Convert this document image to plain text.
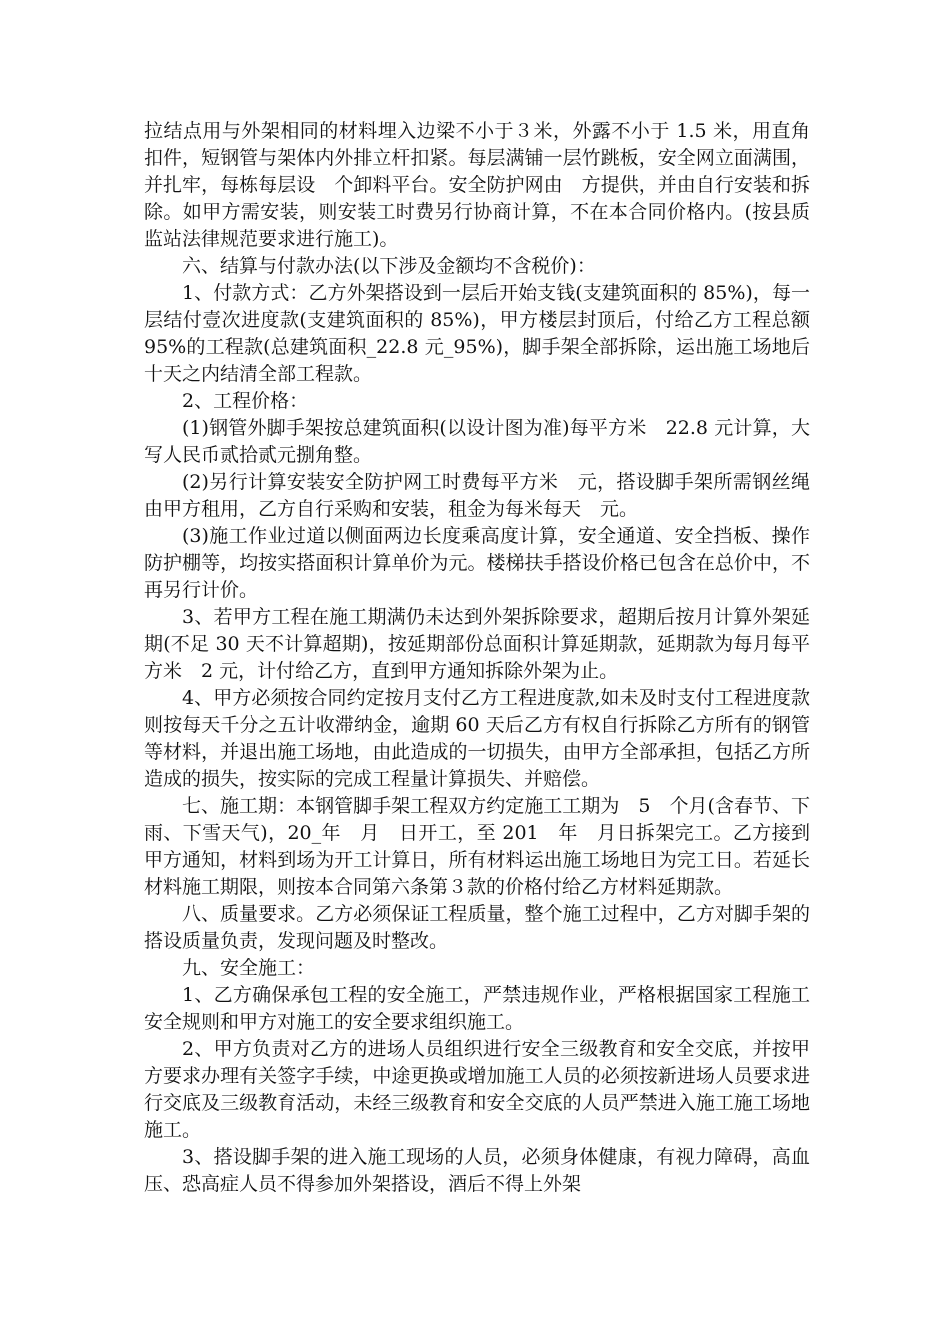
拉结点用与外架相同的材料埋入边梁不小于３米，外露不小于 1.5 米，用直角扣件，短钢管与架体内外排立杆扣紧。每层满铺一层竹跳板，安全网立面满围，并扎牢，每栋每层设　个卸料平台。安全防护网由　方提供，并由自行安装和拆除。如甲方需安装，则安装工时费另行协商计算，不在本合同价格内。(按县质监站法律规范要求进行施工)。

六、结算与付款办法(以下涉及金额均不含税价)：

1、付款方式：乙方外架搭设到一层后开始支钱(支建筑面积的 85%)，每一层结付壹次进度款(支建筑面积的 85%)，甲方楼层封顶后，付给乙方工程总额 95%的工程款(总建筑面积_22.8 元_95%)，脚手架全部拆除，运出施工场地后十天之内结清全部工程款。

2、工程价格：

(1)钢管外脚手架按总建筑面积(以设计图为准)每平方米　22.8 元计算，大写人民币贰拾贰元捌角整。

(2)另行计算安装安全防护网工时费每平方米　元，搭设脚手架所需钢丝绳由甲方租用，乙方自行采购和安装，租金为每米每天　元。

(3)施工作业过道以侧面两边长度乘高度计算，安全通道、安全挡板、操作防护棚等，均按实搭面积计算单价为元。楼梯扶手搭设价格已包含在总价中，不再另行计价。

3、若甲方工程在施工期满仍未达到外架拆除要求，超期后按月计算外架延期(不足 30 天不计算超期)，按延期部份总面积计算延期款，延期款为每月每平方米　2 元，计付给乙方，直到甲方通知拆除外架为止。

4、甲方必须按合同约定按月支付乙方工程进度款,如未及时支付工程进度款则按每天千分之五计收滞纳金，逾期 60 天后乙方有权自行拆除乙方所有的钢管等材料，并退出施工场地，由此造成的一切损失，由甲方全部承担，包括乙方所造成的损失，按实际的完成工程量计算损失、并赔偿。

七、施工期：本钢管脚手架工程双方约定施工工期为　5　个月(含春节、下雨、下雪天气)，20_年　月　日开工，至 201　年　月日拆架完工。乙方接到甲方通知，材料到场为开工计算日，所有材料运出施工场地日为完工日。若延长材料施工期限，则按本合同第六条第３款的价格付给乙方材料延期款。

八、质量要求。乙方必须保证工程质量，整个施工过程中，乙方对脚手架的搭设质量负责，发现问题及时整改。

九、安全施工：

1、乙方确保承包工程的安全施工，严禁违规作业，严格根据国家工程施工安全规则和甲方对施工的安全要求组织施工。

2、甲方负责对乙方的进场人员组织进行安全三级教育和安全交底，并按甲方要求办理有关签字手续，中途更换或增加施工人员的必须按新进场人员要求进行交底及三级教育活动，未经三级教育和安全交底的人员严禁进入施工施工场地施工。

3、搭设脚手架的进入施工现场的人员，必须身体健康，有视力障碍，高血压、恐高症人员不得参加外架搭设，酒后不得上外架
